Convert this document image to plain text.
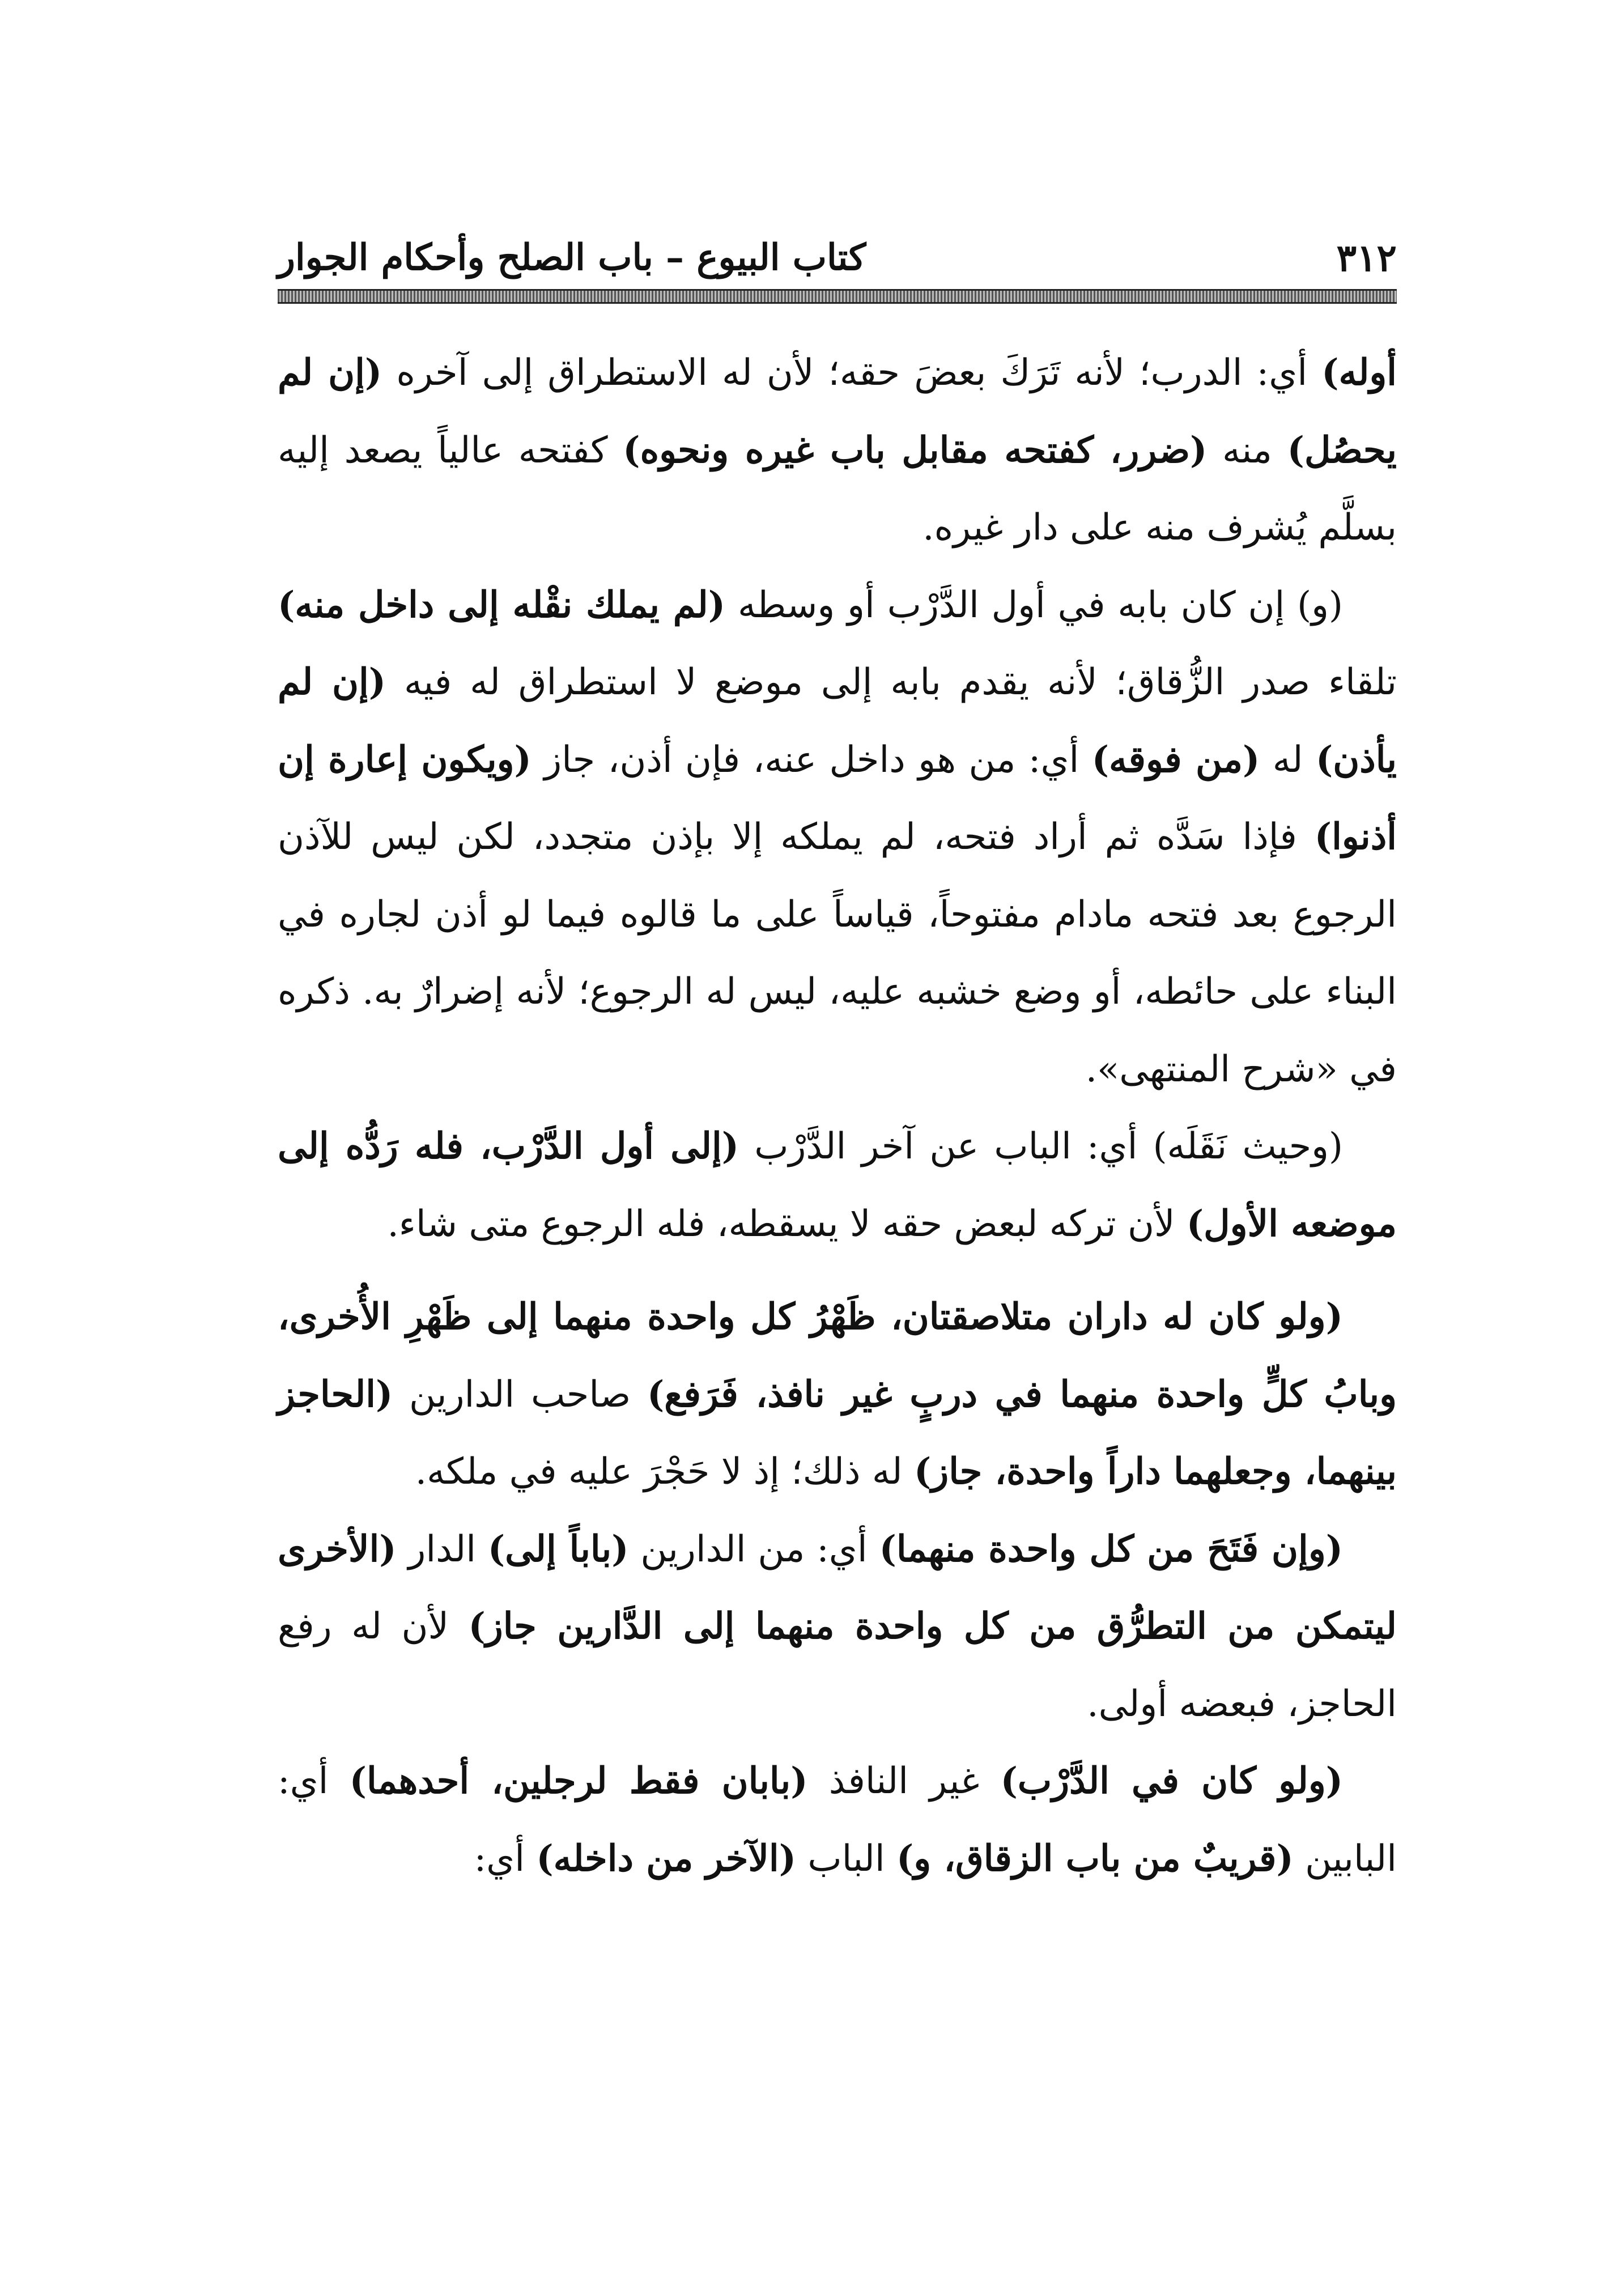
٣١٢
كتاب البيوع – باب الصلح وأحكام الجوار

أوله) أي: الدرب؛ لأنه تَرَكَ بعضَ حقه؛ لأن له الاستطراق إلى آخره (إن لم يحصُل) منه (ضرر، كفتحه مقابل باب غيره ونحوه) كفتحه عالياً يصعد إليه بسلَّم يُشرف منه على دار غيره.

(و) إن كان بابه في أول الدَّرْب أو وسطه (لم يملك نقْله إلى داخل منه) تلقاء صدر الزُّقاق؛ لأنه يقدم بابه إلى موضع لا استطراق له فيه (إن لم يأذن) له (من فوقه) أي: من هو داخل عنه، فإن أذن، جاز (ويكون إعارة إن أذنوا) فإذا سَدَّه ثم أراد فتحه، لم يملكه إلا بإذن متجدد، لكن ليس للآذن الرجوع بعد فتحه مادام مفتوحاً، قياساً على ما قالوه فيما لو أذن لجاره في البناء على حائطه، أو وضع خشبه عليه، ليس له الرجوع؛ لأنه إضرارٌ به. ذكره في «شرح المنتهى».

(وحيث نَقَلَه) أي: الباب عن آخر الدَّرْب (إلى أول الدَّرْب، فله رَدُّه إلى موضعه الأول) لأن تركه لبعض حقه لا يسقطه، فله الرجوع متى شاء.

(ولو كان له داران متلاصقتان، ظَهْرُ كل واحدة منهما إلى ظَهْرِ الأُخرى، وبابُ كلٍّ واحدة منهما في دربٍ غير نافذ، فَرَفع) صاحب الدارين (الحاجز بينهما، وجعلهما داراً واحدة، جاز) له ذلك؛ إذ لا حَجْرَ عليه في ملكه.

(وإن فَتَحَ من كل واحدة منهما) أي: من الدارين (باباً إلى) الدار (الأخرى ليتمكن من التطرُّق من كل واحدة منهما إلى الدَّارين جاز) لأن له رفع الحاجز، فبعضه أولى.

(ولو كان في الدَّرْب) غير النافذ (بابان فقط لرجلين، أحدهما) أي: البابين (قريبٌ من باب الزقاق، و) الباب (الآخر من داخله) أي:
